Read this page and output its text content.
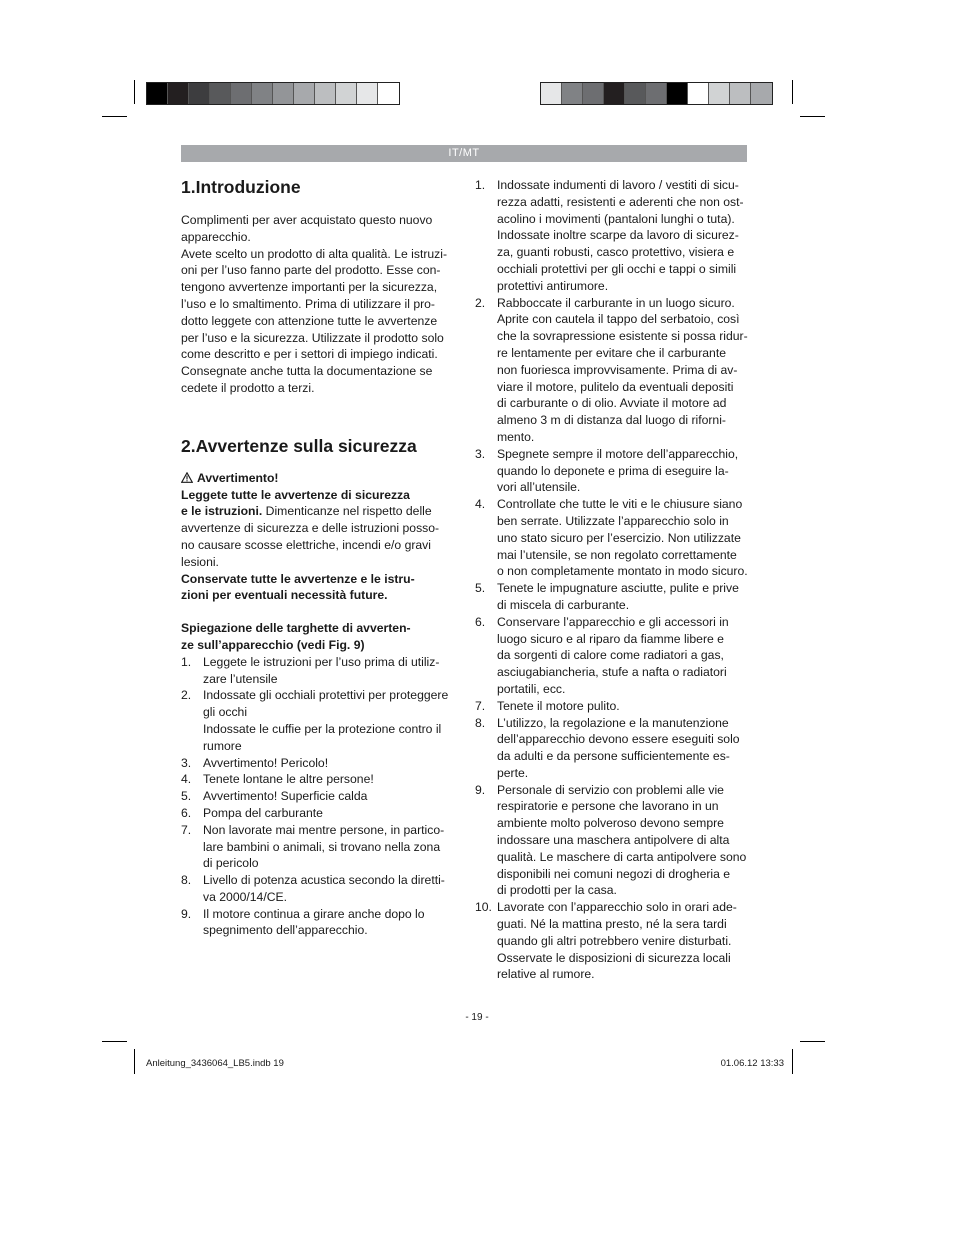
IT/MT
1.Introduzione

Complimenti per aver acquistato questo nuovo
apparecchio.
Avete scelto un prodotto di alta qualità. Le istruzi-
oni per l’uso fanno parte del prodotto. Esse con-
tengono avvertenze importanti per la sicurezza,
l’uso e lo smaltimento. Prima di utilizzare il pro-
dotto leggete con attenzione tutte le avvertenze
per l’uso e la sicurezza. Utilizzate il prodotto solo
come descritto e per i settori di impiego indicati.
Consegnate anche tutta la documentazione se
cedete il prodotto a terzi.

2.Avvertenze sulla sicurezza

Avvertimento!

Leggete tutte le avvertenze di sicurezza

e le istruzioni. Dimenticanze nel rispetto delle

avvertenze di sicurezza e delle istruzioni posso-
no causare scosse elettriche, incendi e/o gravi
lesioni.

Conservate tutte le avvertenze e le istru-
zioni per eventuali necessità future.

Spiegazione delle targhette di avverten-
ze sull’apparecchio (vedi Fig. 9)

1. Leggete le istruzioni per l’uso prima di utiliz-
zare l’utensile
2. Indossate gli occhiali protettivi per proteggere
gli occhi
Indossate le cuffie per la protezione contro il
rumore
3. Avvertimento! Pericolo!
4. Tenete lontane le altre persone!
5. Avvertimento! Superficie calda
6. Pompa del carburante
7. Non lavorate mai mentre persone, in partico-
lare bambini o animali, si trovano nella zona
di pericolo
8. Livello di potenza acustica secondo la diretti-
va 2000/14/CE.
9. Il motore continua a girare anche dopo lo
spegnimento dell’apparecchio.
1. Indossate indumenti di lavoro / vestiti di sicu-
rezza adatti, resistenti e aderenti che non ost-
acolino i movimenti (pantaloni lunghi o tuta).
Indossate inoltre scarpe da lavoro di sicurez-
za, guanti robusti, casco protettivo, visiera e
occhiali protettivi per gli occhi e tappi o simili
protettivi antirumore.
2. Rabboccate il carburante in un luogo sicuro.
Aprite con cautela il tappo del serbatoio, così
che la sovrapressione esistente si possa ridur-
re lentamente per evitare che il carburante
non fuoriesca improvvisamente. Prima di av-
viare il motore, pulitelo da eventuali depositi
di carburante o di olio. Avviate il motore ad
almeno 3 m di distanza dal luogo di riforni-
mento.
3. Spegnete sempre il motore dell’apparecchio,
quando lo deponete e prima di eseguire la-
vori all’utensile.
4. Controllate che tutte le viti e le chiusure siano
ben serrate. Utilizzate l’apparecchio solo in
uno stato sicuro per l’esercizio. Non utilizzate
mai l’utensile, se non regolato correttamente
o non completamente montato in modo sicuro.
5. Tenete le impugnature asciutte, pulite e prive
di miscela di carburante.
6. Conservare l’apparecchio e gli accessori in
luogo sicuro e al riparo da fiamme libere e
da sorgenti di calore come radiatori a gas,
asciugabiancheria, stufe a nafta o radiatori
portatili, ecc.
7. Tenete il motore pulito.
8. L’utilizzo, la regolazione e la manutenzione
dell’apparecchio devono essere eseguiti solo
da adulti e da persone sufficientemente es-
perte.
9. Personale di servizio con problemi alle vie
respiratorie e persone che lavorano in un
ambiente molto polveroso devono sempre
indossare una maschera antipolvere di alta
qualità. Le maschere di carta antipolvere sono
disponibili nei comuni negozi di drogheria e
di prodotti per la casa.
10. Lavorate con l’apparecchio solo in orari ade-
guati. Né la mattina presto, né la sera tardi
quando gli altri potrebbero venire disturbati.
Osservate le disposizioni di sicurezza locali
relative al rumore.
- 19 -
Anleitung_3436064_LB5.indb 19	01.06.12 13:33
